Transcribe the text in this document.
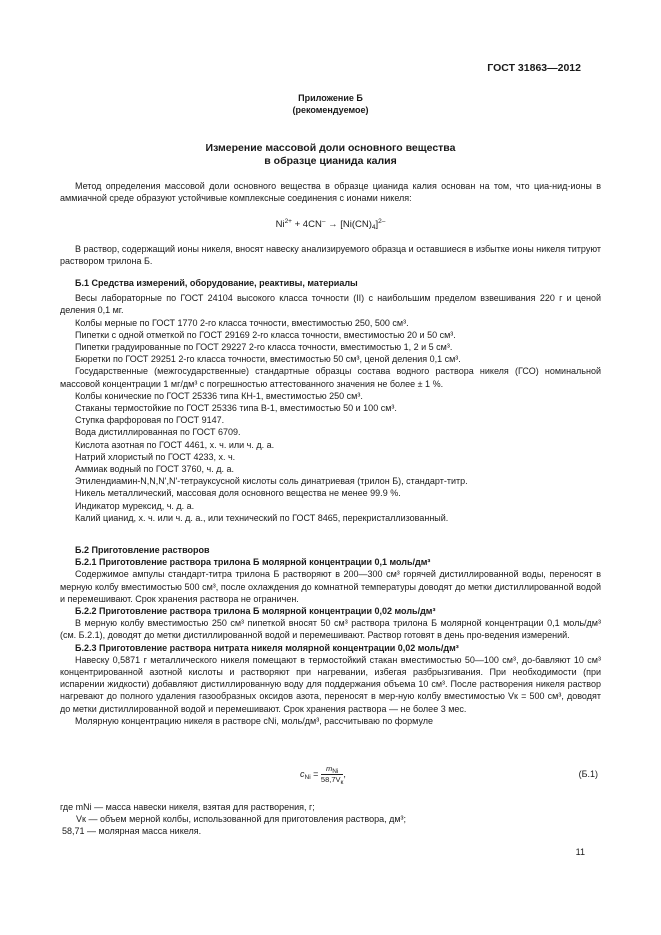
ГОСТ 31863—2012
Приложение Б
(рекомендуемое)
Измерение массовой доли основного вещества
в образце цианида калия

Метод определения массовой доли основного вещества в образце цианида калия основан на том, что циа-нид-ионы в аммиачной среде образуют устойчивые комплексные соединения с ионами никеля:

$Ni^{2+} + 4CN^- \to [Ni(CN)_4]^{2-}$

В раствор, содержащий ионы никеля, вносят навеску анализируемого образца и оставшиеся в избытке ионы никеля титруют раствором трилона Б.

Б.1 Средства измерений, оборудование, реактивы, материалы

Весы лабораторные по ГОСТ 24104 высокого класса точности (II) с наибольшим пределом взвешивания 220 г и ценой деления 0,1 мг.

Колбы мерные по ГОСТ 1770 2-го класса точности, вместимостью 250, 500 см³.

Пипетки с одной отметкой по ГОСТ 29169 2-го класса точности, вместимостью 20 и 50 см³.

Пипетки градуированные по ГОСТ 29227 2-го класса точности, вместимостью 1, 2 и 5 см³.

Бюретки по ГОСТ 29251 2-го класса точности, вместимостью 50 см³, ценой деления 0,1 см³.

Государственные (межгосударственные) стандартные образцы состава водного раствора никеля (ГСО) номинальной массовой концентрации 1 мг/дм³ с погрешностью аттестованного значения не более ± 1 %.

Колбы конические по ГОСТ 25336 типа КН-1, вместимостью 250 см³.

Стаканы термостойкие по ГОСТ 25336 типа В-1, вместимостью 50 и 100 см³.

Ступка фарфоровая по ГОСТ 9147.

Вода дистиллированная по ГОСТ 6709.

Кислота азотная по ГОСТ 4461, х. ч. или ч. д. а.

Натрий хлористый по ГОСТ 4233, х. ч.

Аммиак водный по ГОСТ 3760, ч. д. а.

Этилендиамин-N,N,N',N'-тетрауксусной кислоты соль динатриевая (трилон Б), стандарт-титр.

Никель металлический, массовая доля основного вещества не менее 99.9 %.

Индикатор мурексид, ч. д. а.

Калий цианид, х. ч. или ч. д. а., или технический по ГОСТ 8465, перекристаллизованный.

Б.2 Приготовление растворов

Б.2.1 Приготовление раствора трилона Б молярной концентрации 0,1 моль/дм³

Содержимое ампулы стандарт-титра трилона Б растворяют в 200—300 см³ горячей дистиллированной воды, переносят в мерную колбу вместимостью 500 см³, после охлаждения до комнатной температуры доводят до метки дистиллированной водой и перемешивают. Срок хранения раствора не ограничен.

Б.2.2 Приготовление раствора трилона Б молярной концентрации 0,02 моль/дм³

В мерную колбу вместимостью 250 см³ пипеткой вносят 50 см³ раствора трилона Б молярной концентрации 0,1 моль/дм³ (см. Б.2.1), доводят до метки дистиллированной водой и перемешивают. Раствор готовят в день про-ведения измерений.

Б.2.3 Приготовление раствора нитрата никеля молярной концентрации 0,02 моль/дм³

Навеску 0,5871 г металлического никеля помещают в термостойкий стакан вместимостью 50—100 см³, до-бавляют 10 см³ концентрированной азотной кислоты и растворяют при нагревании, избегая разбрызгивания. При необходимости (при испарении жидкости) добавляют дистиллированную воду для поддержания объема 10 см³. После растворения никеля раствор нагревают до полного удаления газообразных оксидов азота, переносят в мер-ную колбу вместимостью Vк = 500 см³, доводят до метки дистиллированной водой и перемешивают. Срок хранения раствора — не более 3 мес.

Молярную концентрацию никеля в растворе cNi, моль/дм³, рассчитываю по формуле

$c_{Ni} = \frac{m_{Ni}}{58,7V_к}$ ,	(Б.1)

где mNi — масса навески никеля, взятая для растворения, г;

Vк — объем мерной колбы, использованной для приготовления раствора, дм³;

58,71 — молярная масса никеля.

11
